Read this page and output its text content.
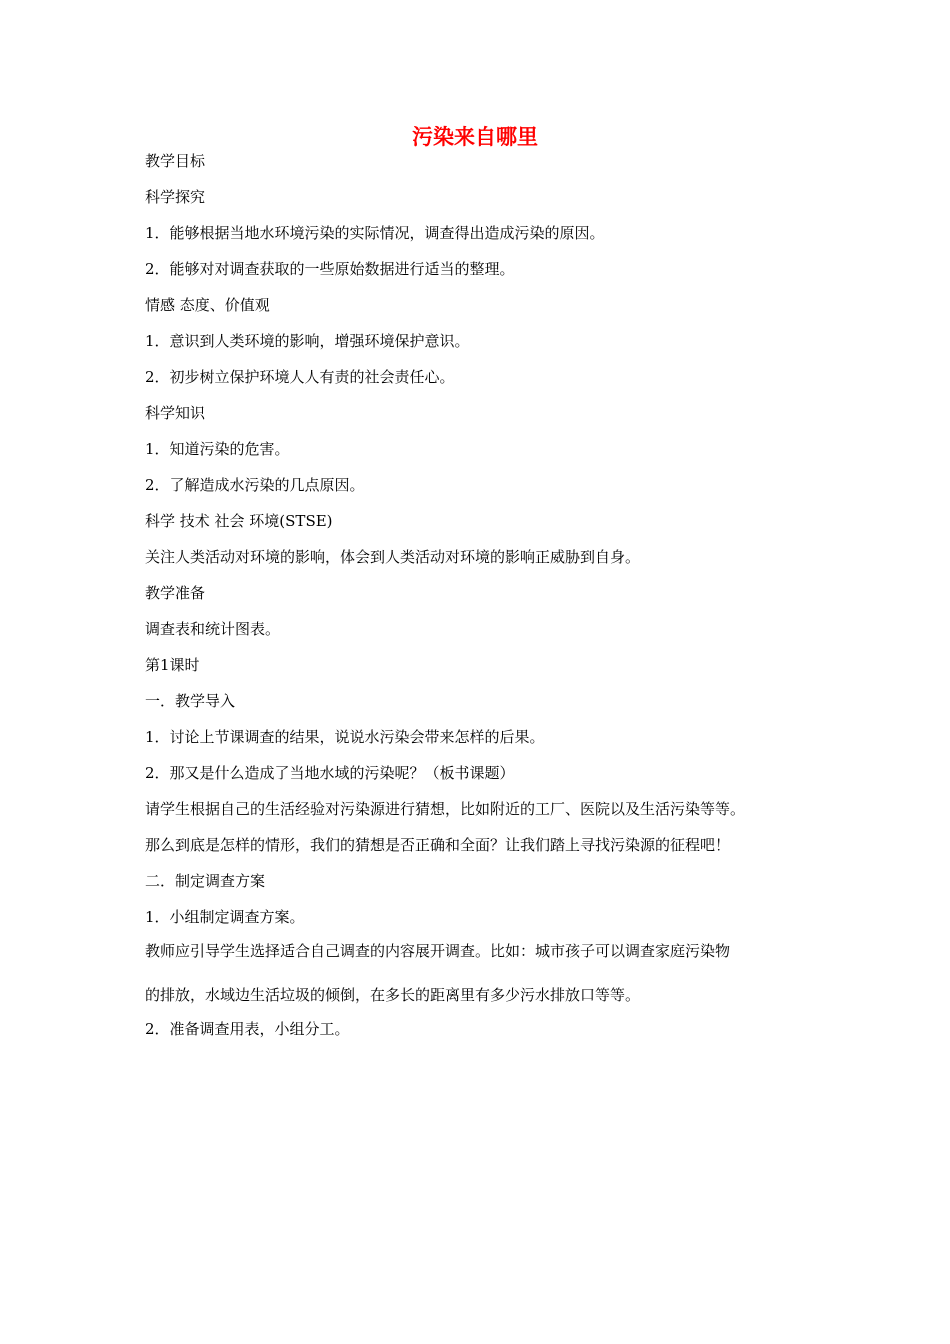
污染来自哪里
教学目标
科学探究
1．能够根据当地水环境污染的实际情况，调查得出造成污染的原因。
2．能够对对调查获取的一些原始数据进行适当的整理。
情感 态度、价值观
1．意识到人类环境的影响，增强环境保护意识。
2．初步树立保护环境人人有责的社会责任心。
科学知识
1．知道污染的危害。
2．了解造成水污染的几点原因。
科学 技术 社会 环境(STSE)
关注人类活动对环境的影响，体会到人类活动对环境的影响正威胁到自身。
教学准备
调查表和统计图表。
第1课时
一．教学导入
1．讨论上节课调查的结果，说说水污染会带来怎样的后果。
2．那又是什么造成了当地水域的污染呢？（板书课题）
请学生根据自己的生活经验对污染源进行猜想，比如附近的工厂、医院以及生活污染等等。
那么到底是怎样的情形，我们的猜想是否正确和全面？让我们踏上寻找污染源的征程吧！
二．制定调查方案
1．小组制定调查方案。
教师应引导学生选择适合自己调查的内容展开调查。比如：城市孩子可以调查家庭污染物
的排放，水域边生活垃圾的倾倒，在多长的距离里有多少污水排放口等等。
2．准备调查用表，小组分工。
